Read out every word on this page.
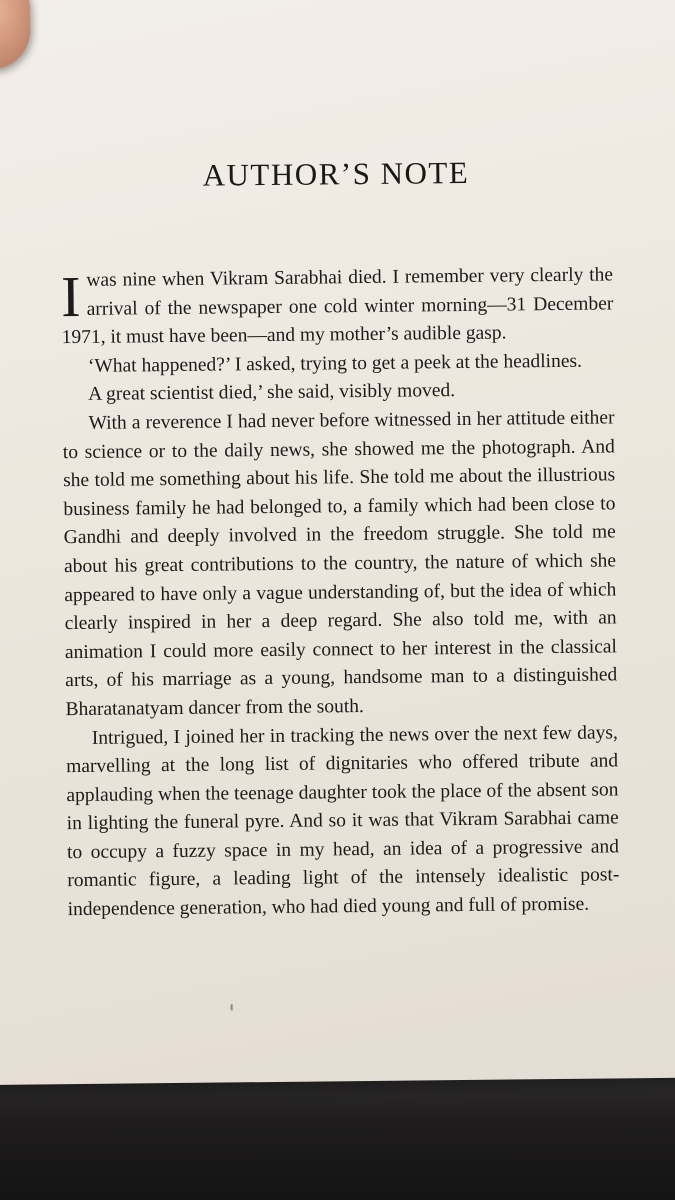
AUTHOR’S NOTE

Iwas nine when Vikram Sarabhai died. I remember very clearly the arrival of the newspaper one cold winter morning—31 December 1971, it must have been—and my mother’s audible gasp.

‘What happened?’ I asked, trying to get a peek at the headlines.

A great scientist died,’ she said, visibly moved.

With a reverence I had never before witnessed in her attitude either to science or to the daily news, she showed me the photograph. And she told me something about his life. She told me about the illustrious business family he had belonged to, a family which had been close to Gandhi and deeply involved in the freedom struggle. She told me about his great contributions to the country, the nature of which she appeared to have only a vague understanding of, but the idea of which clearly inspired in her a deep regard. She also told me, with an animation I could more easily connect to her interest in the classical arts, of his marriage as a young, handsome man to a distinguished Bharatanatyam dancer from the south.

Intrigued, I joined her in tracking the news over the next few days, marvelling at the long list of dignitaries who offered tribute and applauding when the teenage daughter took the place of the absent son in lighting the funeral pyre. And so it was that Vikram Sarabhai came to occupy a fuzzy space in my head, an idea of a progressive and romantic figure, a leading light of the intensely idealistic post-independence generation, who had died young and full of promise.
